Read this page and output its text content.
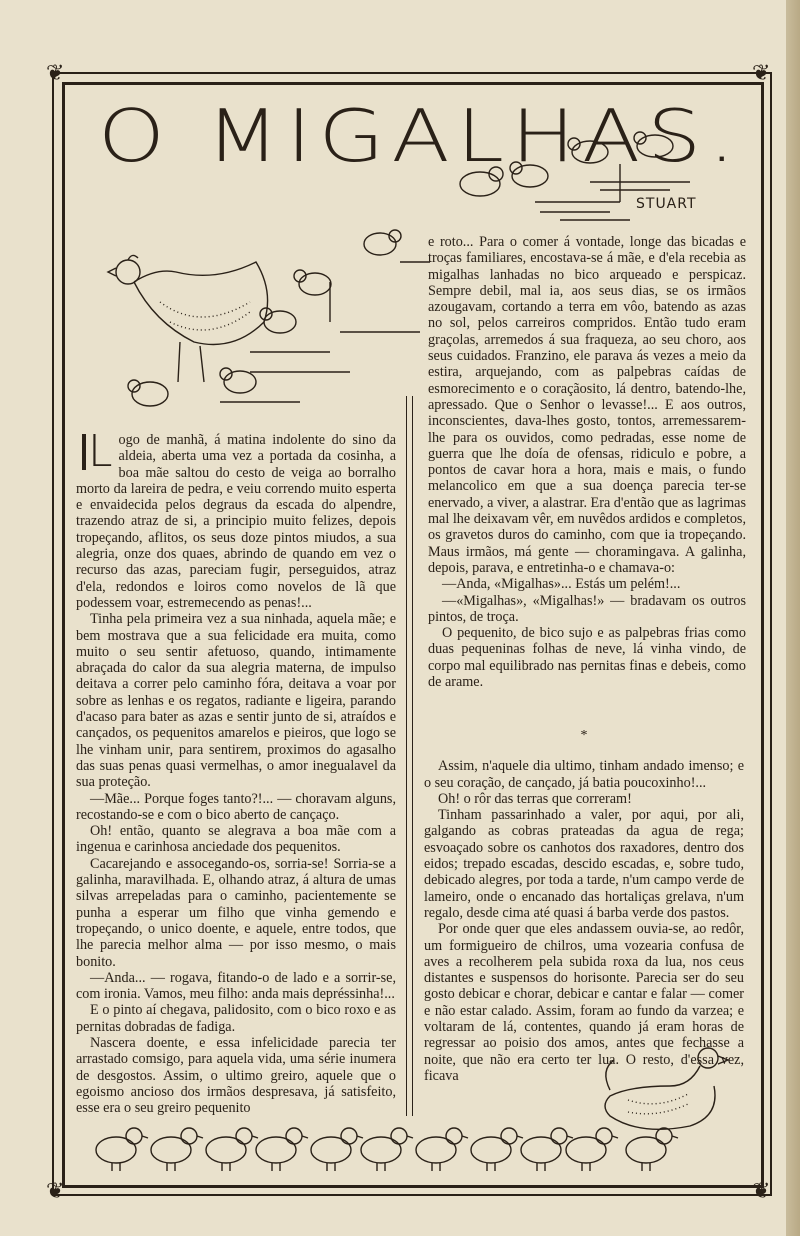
❦	❦
❦	❦
O MIGALHAS.
STUART

L ogo de manhã, á matina indolente do sino da aldeia, aberta uma vez a portada da cosinha, a boa mãe saltou do cesto de veiga ao borralho morto da lareira de pedra, e veiu correndo muito esperta e envaidecida pelos degraus da escada do alpendre, trazendo atraz de si, a principio muito felizes, depois tropeçando, aflitos, os seus doze pintos miudos, a sua alegria, onze dos quaes, abrindo de quando em vez o recurso das azas, pareciam fugir, perseguidos, atraz d'ela, redondos e loiros como novelos de lã que podessem voar, estremecendo as penas!...

Tinha pela primeira vez a sua ninhada, aquela mãe; e bem mostrava que a sua felicidade era muita, como muito o seu sentir afetuoso, quando, intimamente abraçada do calor da sua alegria materna, de impulso deitava a correr pelo caminho fóra, deitava a voar por sobre as lenhas e os regatos, radiante e ligeira, parando d'acaso para bater as azas e sentir junto de si, atraídos e cançados, os pequenitos amarelos e pieiros, que logo se lhe vinham unir, para sentirem, proximos do agasalho das suas penas quasi vermelhas, o amor inegualavel da sua proteção.

—Mãe... Porque foges tanto?!... — choravam alguns, recostando-se e com o bico aberto de cançaço.

Oh! então, quanto se alegrava a boa mãe com a ingenua e carinhosa anciedade dos pequenitos.

Cacarejando e assocegando-os, sorria-se! Sorria-se a galinha, maravilhada. E, olhando atraz, á altura de umas silvas arrepeladas para o caminho, pacientemente se punha a esperar um filho que vinha gemendo e tropeçando, o unico doente, e aquele, entre todos, que lhe parecia melhor alma — por isso mesmo, o mais bonito.

—Anda... — rogava, fitando-o de lado e a sorrir-se, com ironia. Vamos, meu filho: anda mais depréssinha!...

E o pinto aí chegava, palidosito, com o bico roxo e as pernitas dobradas de fadiga.

Nascera doente, e essa infelicidade parecia ter arrastado comsigo, para aquela vida, uma série inumera de desgostos. Assim, o ultimo greiro, aquele que o egoismo ancioso dos irmãos despresava, já satisfeito, esse era o seu greiro pequenito

e roto... Para o comer á vontade, longe das bicadas e troças familiares, encostava-se á mãe, e d'ela recebia as migalhas lanhadas no bico arqueado e perspicaz. Sempre debil, mal ia, aos seus dias, se os irmãos azougavam, cortando a terra em vôo, batendo as azas no sol, pelos carreiros compridos. Então tudo eram graçolas, arremedos á sua fraqueza, ao seu choro, aos seus cuidados. Franzino, ele parava ás vezes a meio da estira, arquejando, com as palpebras caídas de esmorecimento e o coraçãosito, lá dentro, batendo-lhe, apressado. Que o Senhor o levasse!... E aos outros, inconscientes, dava-lhes gosto, tontos, arremessarem-lhe para os ouvidos, como pedradas, esse nome de guerra que lhe doía de ofensas, ridiculo e pobre, a pontos de cavar hora a hora, mais e mais, o fundo melancolico em que a sua doença parecia ter-se enervado, a viver, a alastrar. Era d'então que as lagrimas mal lhe deixavam vêr, em nuvêdos ardidos e completos, os gravetos duros do caminho, com que ia tropeçando. Maus irmãos, má gente — choramingava. A galinha, depois, parava, e entretinha-o e chamava-o:

—Anda, «Migalhas»... Estás um pelém!...

—«Migalhas», «Migalhas!» — bradavam os outros pintos, de troça.

O pequenito, de bico sujo e as palpebras frias como duas pequeninas folhas de neve, lá vinha vindo, de corpo mal equilibrado nas pernitas finas e debeis, como de arame.

*

Assim, n'aquele dia ultimo, tinham andado imenso; e o seu coração, de cançado, já batia poucoxinho!...

Oh! o rôr das terras que correram!

Tinham passarinhado a valer, por aqui, por ali, galgando as cobras prateadas da agua de rega; esvoaçado sobre os canhotos dos raxadores, dentro dos eidos; trepado escadas, descido escadas, e, sobre tudo, debicado alegres, por toda a tarde, n'um campo verde de lameiro, onde o encanado das hortaliças grelava, n'um regalo, desde cima até quasi á barba verde dos pastos.

Por onde quer que eles andassem ouvia-se, ao redôr, um formigueiro de chilros, uma vozearia confusa de aves a recolherem pela subida roxa da lua, nos ceus distantes e suspensos do horisonte. Parecia ser do seu gosto debicar e chorar, debicar e cantar e falar — comer e não estar calado. Assim, foram ao fundo da varzea; e voltaram de lá, contentes, quando já eram horas de regressar ao poisio dos amos, antes que fechasse a noite, que não era certo ter lua. O resto, d'essa vez, ficava
